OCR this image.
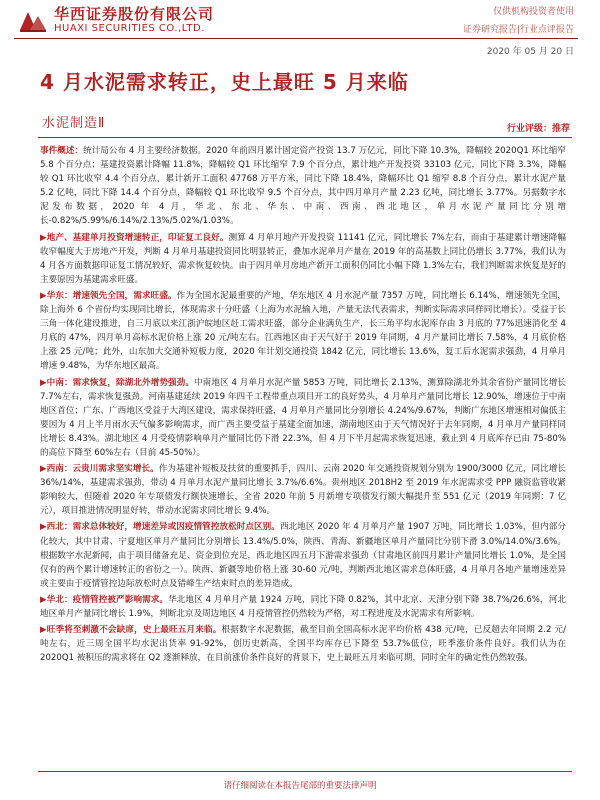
华西证券股份有限公司
HUAXI SECURITIES CO.,LTD.
仅供机构投资者使用
证券研究报告|行业点评报告
2020 年 05 月 20 日
4 月水泥需求转正，史上最旺 5 月来临
水泥制造Ⅱ	行业评级：推荐

事件概述：统计局公布 4 月主要经济数据。2020 年前四月累计固定资产投资 13.7 万亿元，同比下降 10.3%，降幅较 2020Q1 环比缩窄 5.8 个百分点；基建投资累计降幅 11.8%，降幅较 Q1 环比缩窄 7.9 个百分点，累计地产开发投资 33103 亿元，同比下降 3.3%，降幅较 Q1 环比收窄 4.4 个百分点，累计新开工面积 47768 万平方米，同比下降 18.4%，降幅环比 Q1 缩窄 8.8 个百分点，累计水泥产量 5.2 亿吨，同比下降 14.4 个百分点，降幅较 Q1 环比收窄 9.5 个百分点，其中四月单月产量 2.23 亿吨，同比增长 3.77%。另据数字水泥发布数据，2020 年 4 月，华北、东北、华东、中南、西南、西北地区，单月水泥产量同比分别增长-0.82%/5.99%/6.14%/2.13%/5.02%/1.03%。

▶地产、基建单月投资增速转正，印证复工良好。测算 4 月单月地产开发投资 11141 亿元，同比增长 7%左右，而由于基建累计增速降幅收窄幅度大于房地产开发，判断 4 月单月基建投资同比明显转正，叠加水泥单月产量在 2019 年的高基数上同比仍增长 3.77%，我们认为 4 月各方面数据印证复工情况较好，需求恢复较快。由于四月单月房地产新开工面积仍同比小幅下降 1.3%左右，我们判断需求恢复是好的主要原因为基建需求旺盛。

▶华东：增速领先全国，需求旺盛。作为全国水泥最重要的产地，华东地区 4 月水泥产量 7357 万吨，同比增长 6.14%，增速领先全国，除上海外 6 个省份均实现同比增长，体现需求十分旺盛（上海为水泥输入地，产量无法代表需求，判断实际需求同样同比增长）。受益于长三角一体化建设推进，自三月底以来江浙沪皖地区赶工需求旺盛，部分企业满负生产，长三角平均水泥库存由 3 月底的 77%迅速消化至 4 月底的 47%，四月单月高标水泥价格上涨 20 元/吨左右。江西地区由于天气好于 2019 年同期，4 月产量同比增长 7.58%，4 月底价格上涨 25 元/吨；此外，山东加大交通补短板力度，2020 年计划交通投资 1842 亿元，同比增长 13.6%，复工后水泥需求强劲，4 月单月增速 9.48%，为华东地区最高。

▶中南：需求恢复，除湖北外增势强劲。中南地区 4 月单月水泥产量 5853 万吨，同比增长 2.13%，测算除湖北外其余省份产量同比增长 7.7%左右，需求恢复强劲。河南基建延续 2019 年四千工程带重点项目开工的良好势头，4 月单月产量同比增长 12.90%，增速位于中南地区首位；广东、广西地区受益于大湾区建设，需求保持旺盛，4 月单月产量同比分别增长 4.24%/9.67%，判断广东地区增速相对偏低主要因为 4 月上半月雨水天气偏多影响需求，而广西主要受益于基建全面加速，湖南地区由于天气情况好于去年同期，4 月单月产量同样同比增长 8.43%。湖北地区 4 月受疫情影响单月产量同比仍下滑 22.3%，但 4 月下半月起需求恢复迅速，截止到 4 月底库存已由 75-80%的高位下降至 60%左右（目前 45-50%）。

▶西南：云贵川需求坚实增长。作为基建补短板及扶贫的重要抓手，四川、云南 2020 年交通投资规划分别为 1900/3000 亿元，同比增长 36%/14%，基建需求强劲，带动 4 月单月水泥产量同比增长 3.7%/6.6%。贵州地区 2018H2 至 2019 年水泥需求受 PPP 融资监管收紧影响较大，但随着 2020 年专项债发行额快速增长，全省 2020 年前 5 月新增专项债发行额大幅提升至 551 亿元（2019 年同期：7 亿元），项目推进情况明显好转，带动水泥需求同比增长 9.4%。

▶西北：需求总体较好，增速差异或因疫情管控放松时点区别。西北地区 2020 年 4 月单月产量 1907 万吨，同比增长 1.03%，但内部分化较大，其中甘肃、宁夏地区单月产量同比分别增长 13.4%/5.0%，陕西、青海、新疆地区单月产量同比分别下滑 3.0%/14.0%/3.6%。根据数字水泥新闻，由于项目储备充足、资金到位充足，西北地区四五月下游需求强劲（甘肃地区前四月累计产量同比增长 1.0%，是全国仅有的两个累计增速转正的省份之一）。陕西、新疆等地价格上涨 30-60 元/吨，判断西北地区需求总体旺盛，4 月单月各地产量增速差异或主要由于疫情管控边际放松时点及错峰生产结束时点的差异造成。

▶华北：疫情管控被严影响需求。华北地区 4 月单月产量 1924 万吨，同比下降 0.82%，其中北京、天津分别下降 38.7%/26.6%，河北地区单月产量同比增长 1.9%，判断北京及周边地区 4 月疫情管控仍然较为严格，对工程进度及水泥需求有所影响。

▶旺季将至刺激不会缺席，史上最旺五月来临。根据数字水泥数据，截至目前全国高标水泥平均价格 438 元/吨，已反超去年同期 2.2 元/吨左右，近三周全国平均水泥出货率 91-92%，创历史新高，全国平均库存已下降至 53.7%低位，旺季涨价条件良好。我们认为在 2020Q1 被积压的需求将在 Q2 逐渐释放，在目前涨价条件良好的背景下，史上最旺五月来临可期，同时全年的确定性仍然较强。

请仔细阅读在本报告尾部的重要法律声明
